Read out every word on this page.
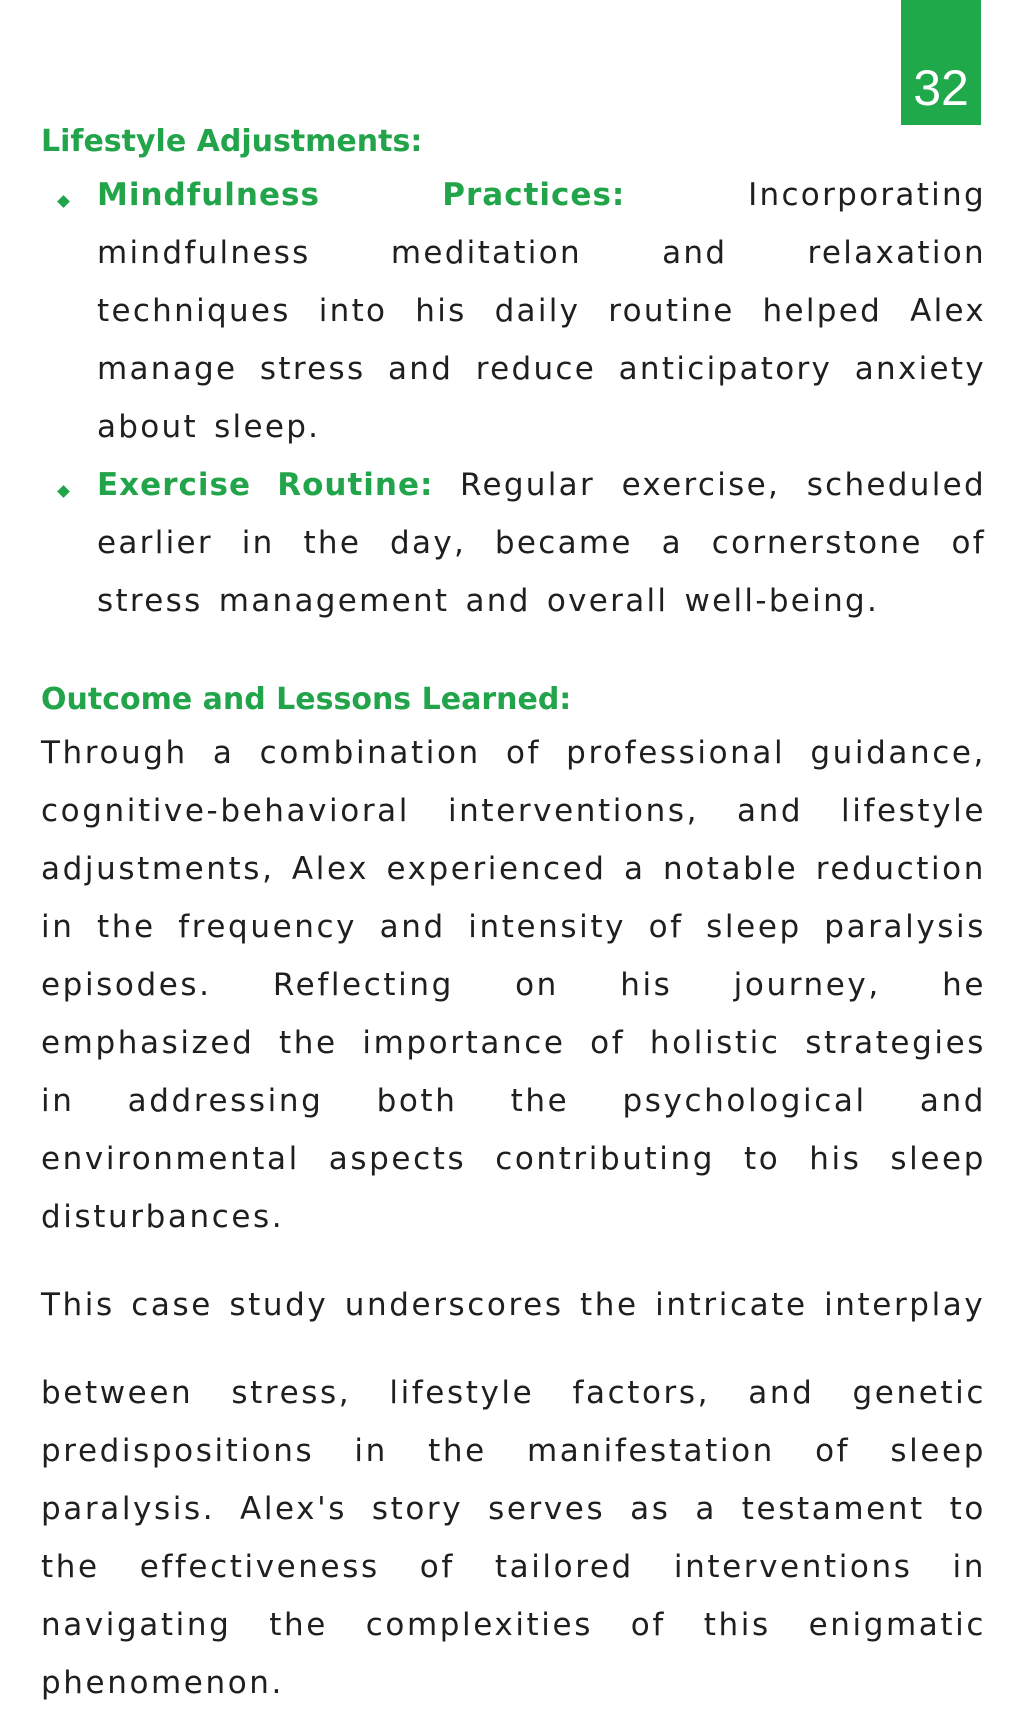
32
Lifestyle Adjustments:
Mindfulness Practices:	Incorporating mindfulness meditation and relaxation techniques into his daily routine helped Alex manage stress and reduce anticipatory anxiety about sleep.
Exercise Routine: Regular exercise, scheduled earlier in the day, became a cornerstone of stress management and overall well-being.
Outcome and Lessons Learned:

Through a combination of professional guidance, cognitive-behavioral interventions, and lifestyle adjustments, Alex experienced a notable reduction in the frequency and intensity of sleep paralysis episodes. Reflecting on his journey, he emphasized the importance of holistic strategies in addressing both the psychological and environmental aspects contributing to his sleep disturbances.

This case study underscores the intricate interplay

between stress, lifestyle factors, and genetic predispositions in the manifestation of sleep paralysis. Alex's story serves as a testament to the effectiveness of tailored interventions in navigating the complexities of this enigmatic phenomenon.
